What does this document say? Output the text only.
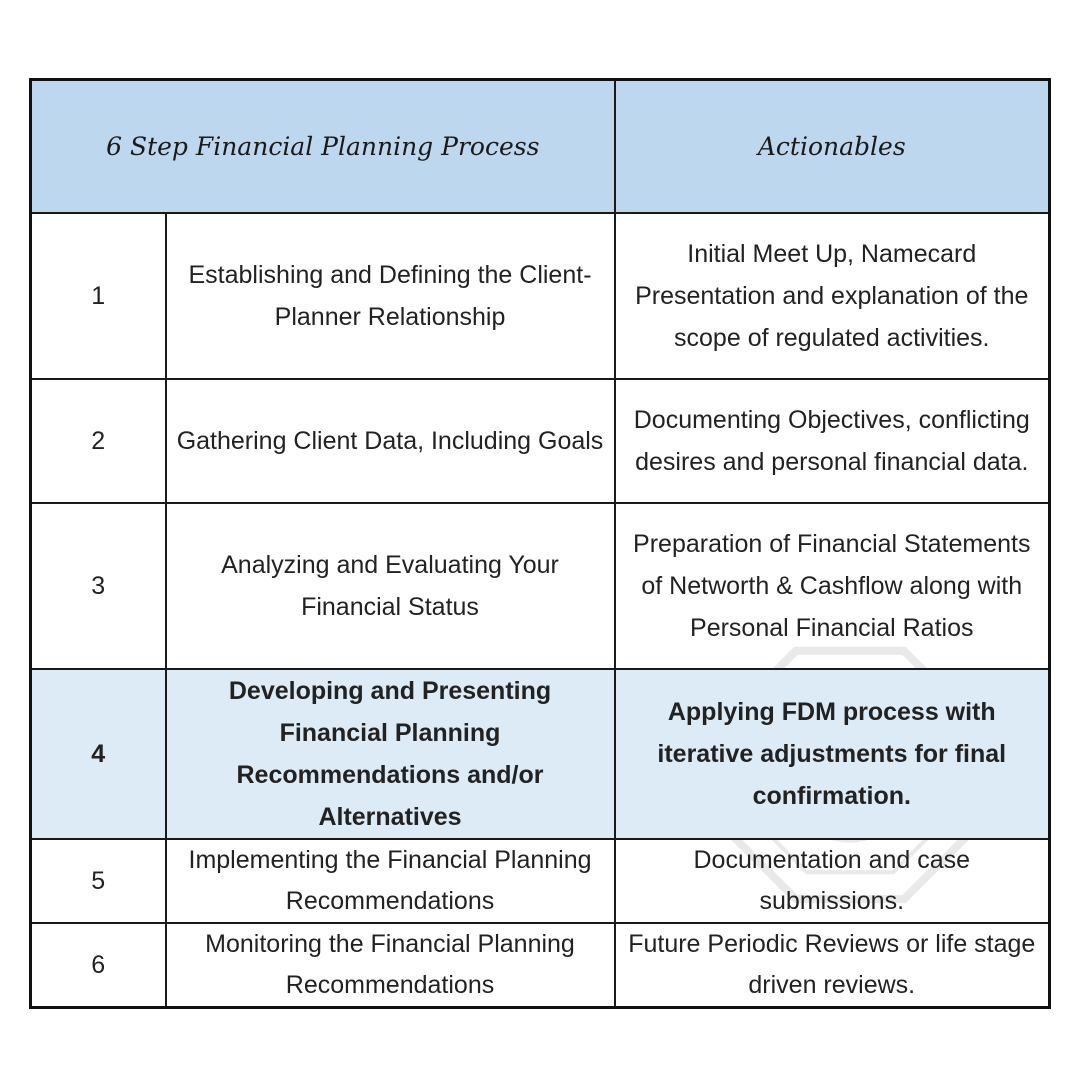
6 Step Financial Planning Process		Actionables
1	Establishing and Defining the Client-Planner Relationship	Initial Meet Up, Namecard Presentation and explanation of the scope of regulated activities.
2	Gathering Client Data, Including Goals	Documenting Objectives, conflicting desires and personal financial data.
3	Analyzing and Evaluating Your Financial Status	Preparation of Financial Statements of Networth & Cashflow along with Personal Financial Ratios
4	Developing and Presenting Financial Planning Recommendations and/or Alternatives	Applying FDM process with iterative adjustments for final confirmation.
5	Implementing the Financial Planning Recommendations	Documentation and case submissions.
6	Monitoring the Financial Planning Recommendations	Future Periodic Reviews or life stage driven reviews.
